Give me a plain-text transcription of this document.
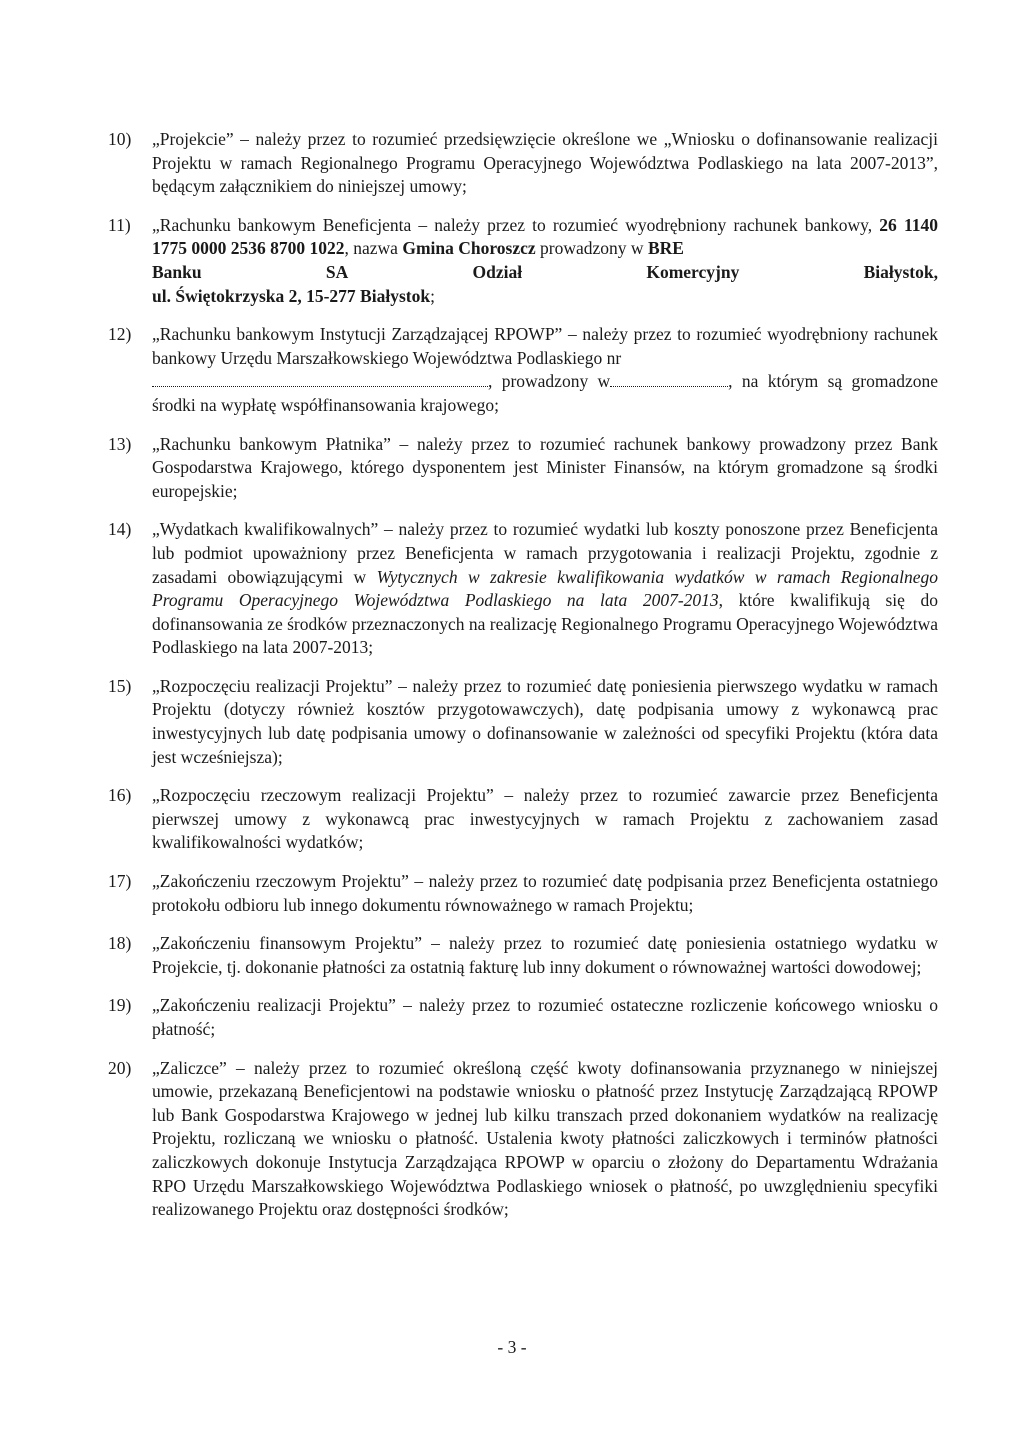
10) „Projekcie” – należy przez to rozumieć przedsięwzięcie określone we „Wniosku o dofinansowanie realizacji Projektu w ramach Regionalnego Programu Operacyjnego Województwa Podlaskiego na lata 2007-2013”, będącym załącznikiem do niniejszej umowy;
11) „Rachunku bankowym Beneficjenta – należy przez to rozumieć wyodrębniony rachunek bankowy, 26 1140 1775 0000 2536 8700 1022, nazwa Gmina Choroszcz prowadzony w BRE
Banku	SA	Odział	Komercyjny	Białystok,
ul. Świętokrzyska 2, 15-277 Białystok;
12) „Rachunku bankowym Instytucji Zarządzającej RPOWP” – należy przez to rozumieć wyodrębniony rachunek bankowy Urzędu Marszałkowskiego Województwa Podlaskiego nr
, prowadzony w	, na którym są gromadzone środki na wypłatę współfinansowania krajowego;
13) „Rachunku bankowym Płatnika” – należy przez to rozumieć rachunek bankowy prowadzony przez Bank Gospodarstwa Krajowego, którego dysponentem jest Minister Finansów, na którym gromadzone są środki europejskie;
14) „Wydatkach kwalifikowalnych” – należy przez to rozumieć wydatki lub koszty ponoszone przez Beneficjenta lub podmiot upoważniony przez Beneficjenta w ramach przygotowania i realizacji Projektu, zgodnie z zasadami obowiązującymi w Wytycznych w zakresie kwalifikowania wydatków w ramach Regionalnego Programu Operacyjnego Województwa Podlaskiego na lata 2007-2013, które kwalifikują się do dofinansowania ze środków przeznaczonych na realizację Regionalnego Programu Operacyjnego Województwa Podlaskiego na lata 2007-2013;
15) „Rozpoczęciu realizacji Projektu” – należy przez to rozumieć datę poniesienia pierwszego wydatku w ramach Projektu (dotyczy również kosztów przygotowawczych), datę podpisania umowy z wykonawcą prac inwestycyjnych lub datę podpisania umowy o dofinansowanie w zależności od specyfiki Projektu (która data jest wcześniejsza);
16) „Rozpoczęciu rzeczowym realizacji Projektu” – należy przez to rozumieć zawarcie przez Beneficjenta pierwszej umowy z wykonawcą prac inwestycyjnych w ramach Projektu z zachowaniem zasad kwalifikowalności wydatków;
17) „Zakończeniu rzeczowym Projektu” – należy przez to rozumieć datę podpisania przez Beneficjenta ostatniego protokołu odbioru lub innego dokumentu równoważnego w ramach Projektu;
18) „Zakończeniu finansowym Projektu” – należy przez to rozumieć datę poniesienia ostatniego wydatku w Projekcie, tj. dokonanie płatności za ostatnią fakturę lub inny dokument o równoważnej wartości dowodowej;
19) „Zakończeniu realizacji Projektu” – należy przez to rozumieć ostateczne rozliczenie końcowego wniosku o płatność;
20) „Zaliczce” – należy przez to rozumieć określoną część kwoty dofinansowania przyznanego w niniejszej umowie, przekazaną Beneficjentowi na podstawie wniosku o płatność przez Instytucję Zarządzającą RPOWP lub Bank Gospodarstwa Krajowego w jednej lub kilku transzach przed dokonaniem wydatków na realizację Projektu, rozliczaną we wniosku o płatność. Ustalenia kwoty płatności zaliczkowych i terminów płatności zaliczkowych dokonuje Instytucja Zarządzająca RPOWP w oparciu o złożony do Departamentu Wdrażania RPO Urzędu Marszałkowskiego Województwa Podlaskiego wniosek o płatność, po uwzględnieniu specyfiki realizowanego Projektu oraz dostępności środków;
- 3 -
